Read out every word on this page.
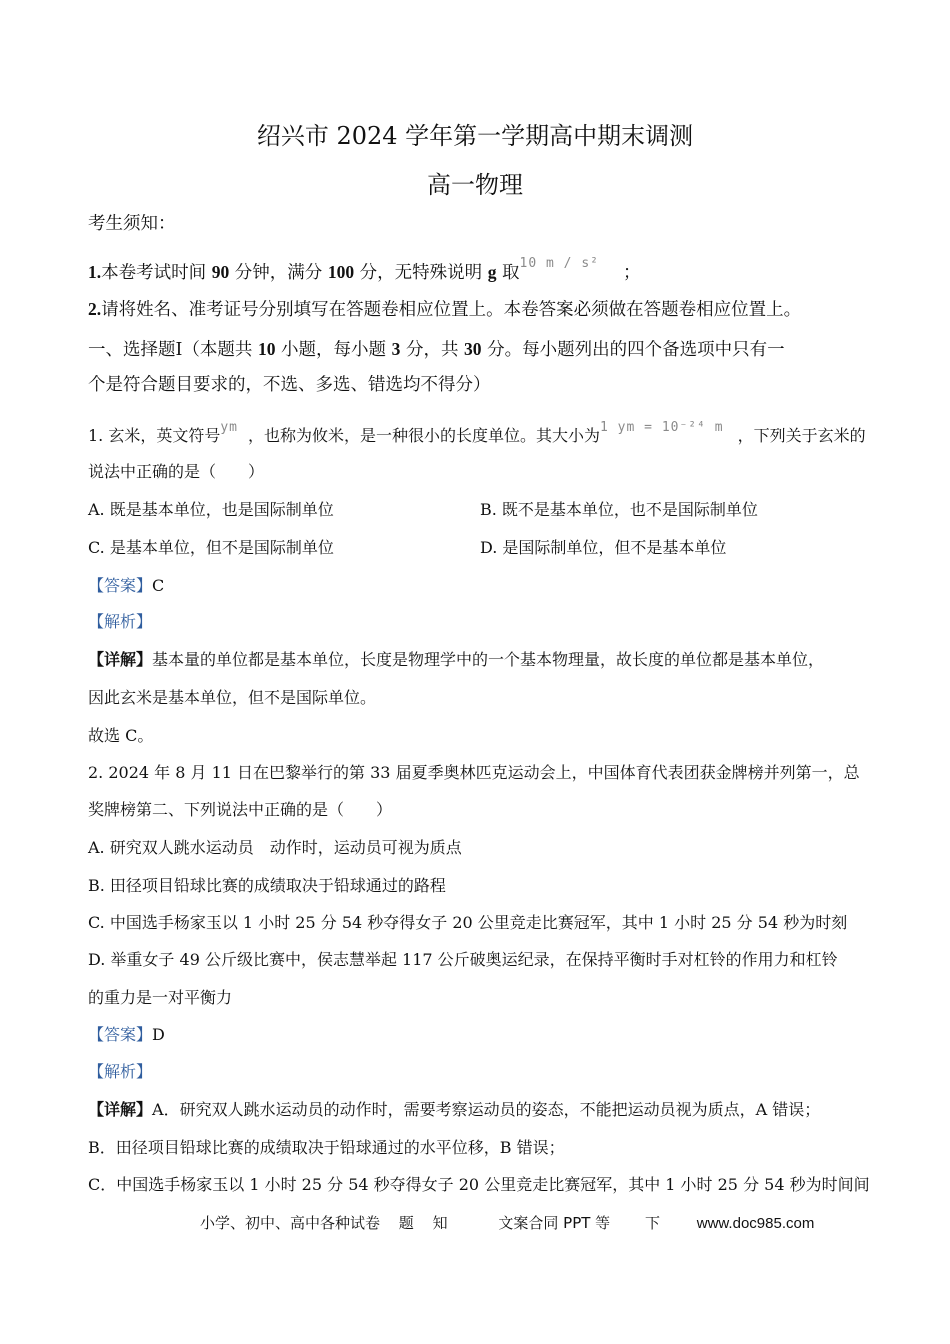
绍兴市 2024 学年第一学期高中期末调测
高一物理
考生须知：
1.本卷考试时间 90 分钟，满分 100 分，无特殊说明 g 取10 m / s² ；
2.请将姓名、准考证号分别填写在答题卷相应位置上。本卷答案必须做在答题卷相应位置上。
一、选择题Ⅰ（本题共 10 小题，每小题 3 分，共 30 分。每小题列出的四个备选项中只有一
个是符合题目要求的，不选、多选、错选均不得分）
1. 玄米，英文符号ym ，也称为攸米，是一种很小的长度单位。其大小为1 ym = 10⁻²⁴ m ，下列关于玄米的
说法中正确的是（　　）
A. 既是基本单位，也是国际制单位	B. 既不是基本单位，也不是国际制单位
C. 是基本单位，但不是国际制单位	D. 是国际制单位，但不是基本单位
【答案】C
【解析】
【详解】基本量的单位都是基本单位，长度是物理学中的一个基本物理量，故长度的单位都是基本单位，
因此玄米是基本单位，但不是国际单位。
故选 C。
2. 2024 年 8 月 11 日在巴黎举行的第 33 届夏季奥林匹克运动会上，中国体育代表团获金牌榜并列第一，总
奖牌榜第二、下列说法中正确的是（　　）
A. 研究双人跳水运动员　动作时，运动员可视为质点
B. 田径项目铅球比赛的成绩取决于铅球通过的路程
C. 中国选手杨家玉以 1 小时 25 分 54 秒夺得女子 20 公里竞走比赛冠军，其中 1 小时 25 分 54 秒为时刻
D. 举重女子 49 公斤级比赛中，侯志慧举起 117 公斤破奥运纪录，在保持平衡时手对杠铃的作用力和杠铃
的重力是一对平衡力
【答案】D
【解析】
【详解】A．研究双人跳水运动员的动作时，需要考察运动员的姿态，不能把运动员视为质点，A 错误；
B．田径项目铅球比赛的成绩取决于铅球通过的水平位移，B 错误；
C．中国选手杨家玉以 1 小时 25 分 54 秒夺得女子 20 公里竞走比赛冠军，其中 1 小时 25 分 54 秒为时间间
小学、初中、高中各种试卷 题 知	文案合同 PPT 等 下 www.doc985.com
